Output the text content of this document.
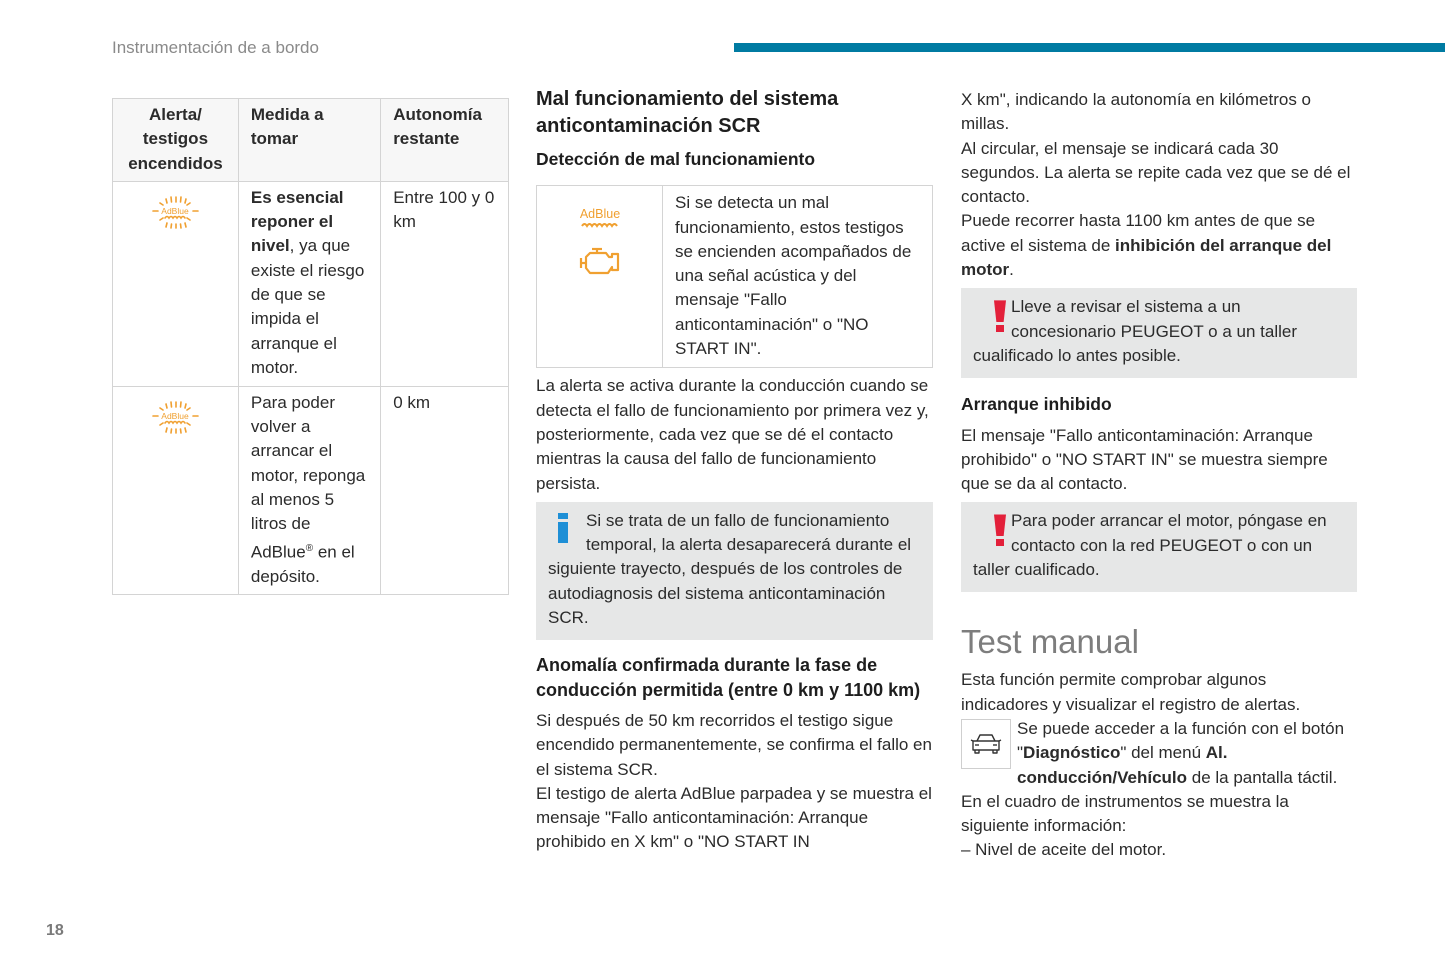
Instrumentación de a bordo
Alerta/ testigos encendidos	Medida a tomar	Autonomía restante

AdBlue	Es esencial reponer el nivel, ya que existe el riesgo de que se impida el arranque el motor.	Entre 100 y 0 km

AdBlue	Para poder volver a arrancar el motor, reponga al menos 5 litros de AdBlue® en el depósito.	0 km
Mal funcionamiento del sistema anticontaminación SCR
Detección de mal funcionamiento
AdBlue
Si se detecta un mal funcionamiento, estos testigos se encienden acompañados de una señal acústica y del mensaje "Fallo anticontaminación" o "NO START IN".

La alerta se activa durante la conducción cuando se detecta el fallo de funcionamiento por primera vez y, posteriormente, cada vez que se dé el contacto mientras la causa del fallo de funcionamiento persista.

Si se trata de un fallo de funcionamiento temporal, la alerta desaparecerá durante el siguiente trayecto, después de los controles de autodiagnosis del sistema anticontaminación SCR.
Anomalía confirmada durante la fase de conducción permitida (entre 0 km y 1100 km)

Si después de 50 km recorridos el testigo sigue encendido permanentemente, se confirma el fallo en el sistema SCR.

El testigo de alerta AdBlue parpadea y se muestra el mensaje "Fallo anticontaminación: Arranque prohibido en X km" o "NO START IN

X km", indicando la autonomía en kilómetros o millas.

Al circular, el mensaje se indicará cada 30 segundos. La alerta se repite cada vez que se dé el contacto.

Puede recorrer hasta 1100 km antes de que se active el sistema de inhibición del arranque del motor.

Lleve a revisar el sistema a un concesionario PEUGEOT o a un taller cualificado lo antes posible.
Arranque inhibido

El mensaje "Fallo anticontaminación: Arranque prohibido" o "NO START IN" se muestra siempre que se da al contacto.

Para poder arrancar el motor, póngase en contacto con la red PEUGEOT o con un taller cualificado.
Test manual

Esta función permite comprobar algunos indicadores y visualizar el registro de alertas.

Se puede acceder a la función con el botón "Diagnóstico" del menú Al. conducción/Vehículo de la pantalla táctil.

En el cuadro de instrumentos se muestra la siguiente información:

– Nivel de aceite del motor.

18
